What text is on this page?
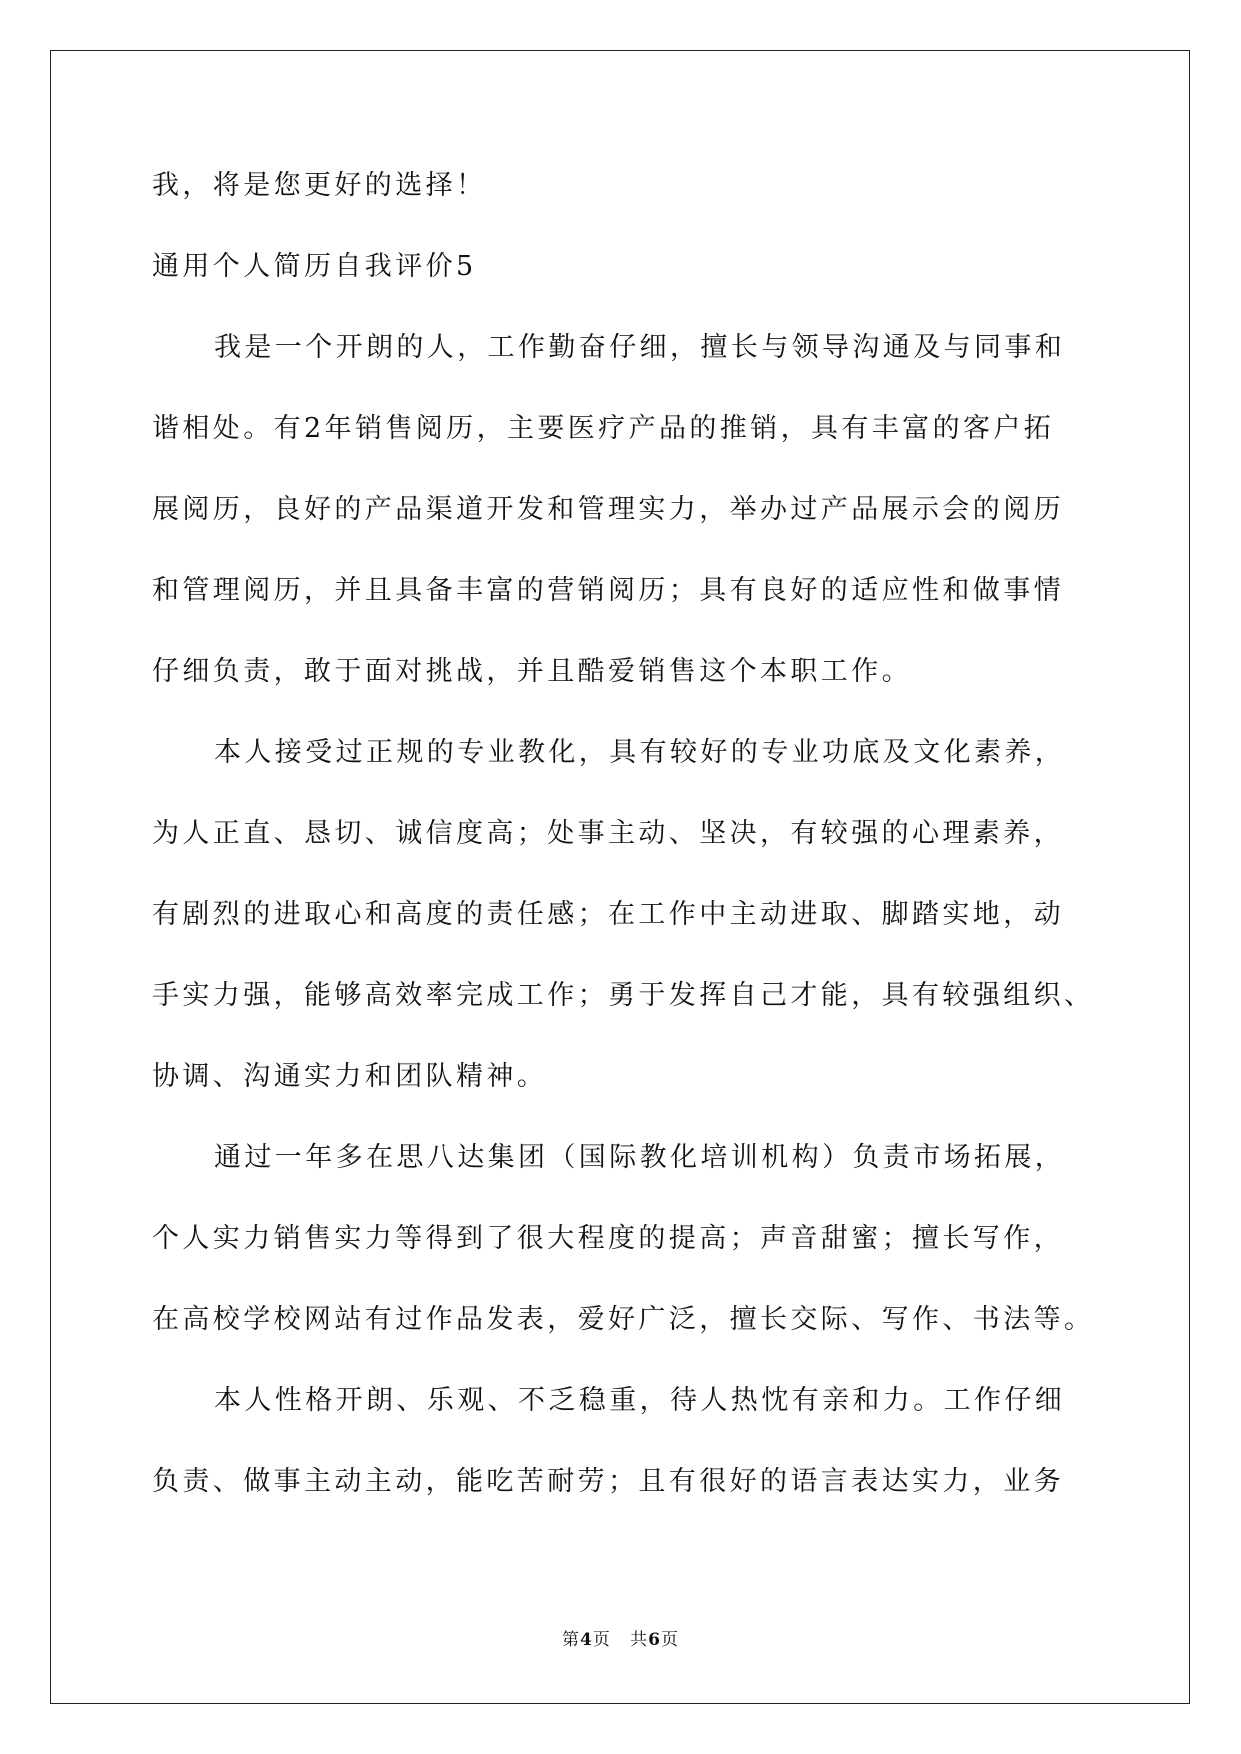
我，将是您更好的选择！
通用个人简历自我评价5
我是一个开朗的人，工作勤奋仔细，擅长与领导沟通及与同事和
谐相处。有2年销售阅历，主要医疗产品的推销，具有丰富的客户拓
展阅历，良好的产品渠道开发和管理实力，举办过产品展示会的阅历
和管理阅历，并且具备丰富的营销阅历；具有良好的适应性和做事情
仔细负责，敢于面对挑战，并且酷爱销售这个本职工作。
本人接受过正规的专业教化，具有较好的专业功底及文化素养，
为人正直、恳切、诚信度高；处事主动、坚决，有较强的心理素养，
有剧烈的进取心和高度的责任感；在工作中主动进取、脚踏实地，动
手实力强，能够高效率完成工作；勇于发挥自己才能，具有较强组织、
协调、沟通实力和团队精神。
通过一年多在思八达集团（国际教化培训机构）负责市场拓展，
个人实力销售实力等得到了很大程度的提高；声音甜蜜；擅长写作，
在高校学校网站有过作品发表，爱好广泛，擅长交际、写作、书法等。
本人性格开朗、乐观、不乏稳重，待人热忱有亲和力。工作仔细
负责、做事主动主动，能吃苦耐劳；且有很好的语言表达实力，业务
第4页   共6页
